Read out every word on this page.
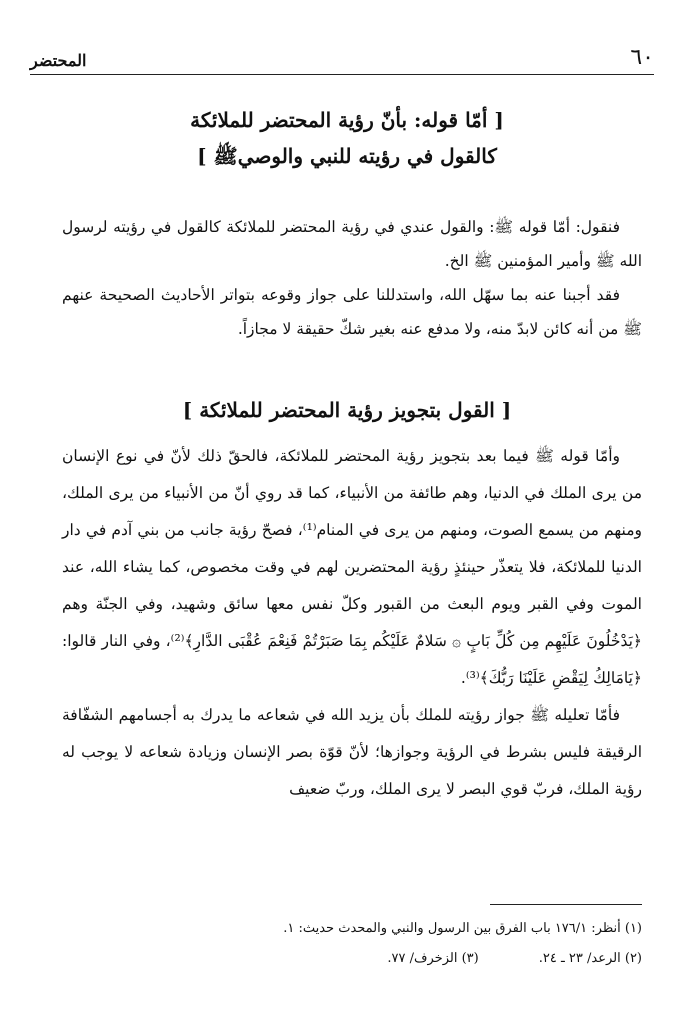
٦٠
المحتضر
[ أمّا قوله: بأنّ رؤية المحتضر للملائكة
كالقول في رؤيته للنبي والوصيﷺ ]

فنقول: أمّا قوله ﷺ: والقول عندي في رؤية المحتضر للملائكة كالقول في رؤيته لرسول الله ﷺ وأمير المؤمنين ﷺ الخ.

فقد أجبنا عنه بما سهّل الله، واستدللنا على جواز وقوعه بتواتر الأحاديث الصحيحة عنهم ﷺ من أنه كائن لابدّ منه، ولا مدفع عنه بغير شكّ حقيقة لا مجازاً.

[ القول بتجويز رؤية المحتضر للملائكة ]

وأمّا قوله ﷺ فيما بعد بتجويز رؤية المحتضر للملائكة، فالحقّ ذلك لأنّ في نوع الإنسان من يرى الملك في الدنيا، وهم طائفة من الأنبياء، كما قد روي أنّ من الأنبياء من يرى الملك، ومنهم من يسمع الصوت، ومنهم من يرى في المنام⁽¹⁾، فصحّ رؤية جانب من بني آدم في دار الدنيا للملائكة، فلا يتعذّر حينئذٍ رؤية المحتضرين لهم في وقت مخصوص، كما يشاء الله، عند الموت وفي القبر ويوم البعث من القبور وكلّ نفس معها سائق وشهيد، وفي الجنّة وهم ﴿يَدْخُلُونَ عَلَيْهِم مِن كُلِّ بَابٍ ۞ سَلامٌ عَلَيْكُم بِمَا صَبَرْتُمْ فَنِعْمَ عُقْبَى الدَّارِ﴾⁽²⁾، وفي النار قالوا: ﴿يَامَالِكُ لِيَقْضِ عَلَيْنَا رَبُّكَ﴾⁽³⁾.

فأمّا تعليله ﷺ جواز رؤيته للملك بأن يزيد الله في شعاعه ما يدرك به أجسامهم الشفّافة الرقيقة فليس بشرط في الرؤية وجوازها؛ لأنّ قوّة بصر الإنسان وزيادة شعاعه لا يوجب له رؤية الملك، فربّ قوي البصر لا يرى الملك، وربّ ضعيف

(١) أنظر: ١٧٦/١ باب الفرق بين الرسول والنبي والمحدث حديث: ١.
(٢) الرعد/ ٢٣ ـ ٢٤.
(٣) الزخرف/ ٧٧.
